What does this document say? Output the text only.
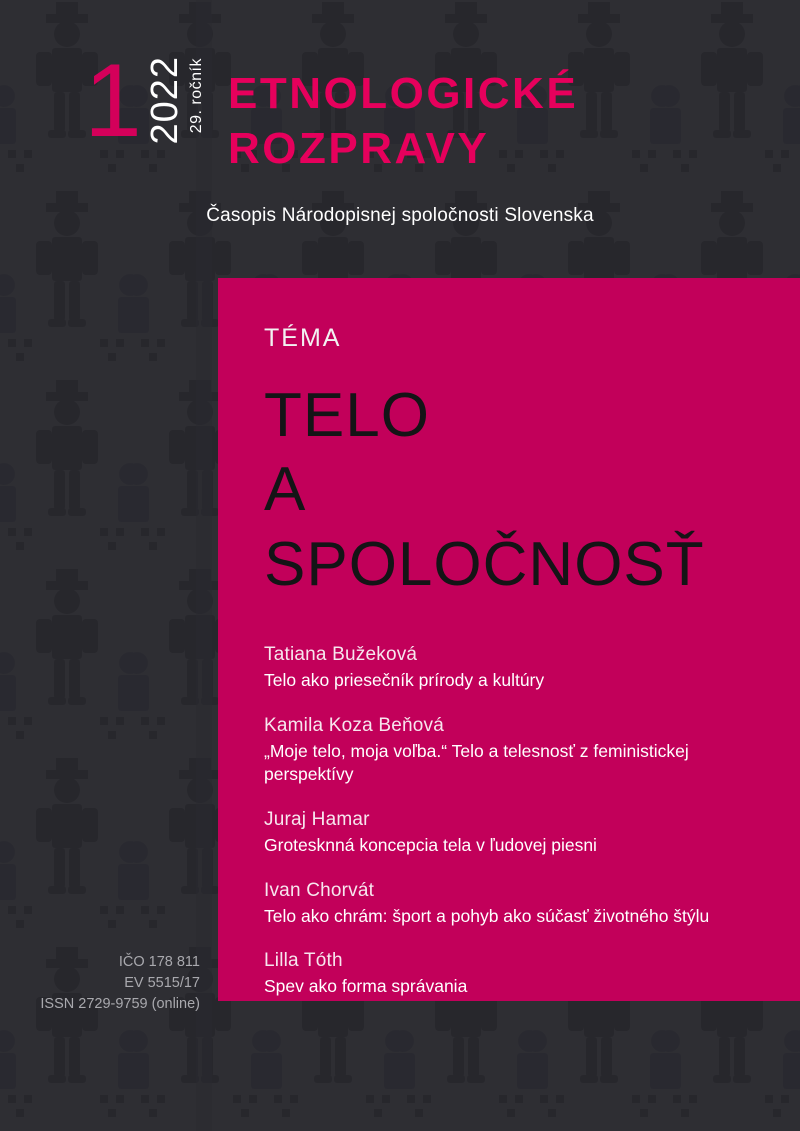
1 2022 29. ročník ETNOLOGICKÉ
ROZPRAVY
Časopis Národopisnej spoločnosti Slovenska
TÉMA
TELO
A
SPOLOČNOSŤ
Tatiana Bužeková
Telo ako priesečník prírody a kultúry
Kamila Koza Beňová
„Moje telo, moja voľba.“ Telo a telesnosť z feministickej perspektívy
Juraj Hamar
Grotesknná koncepcia tela v ľudovej piesni
Ivan Chorvát
Telo ako chrám: šport a pohyb ako súčasť životného štýlu
Lilla Tóth
Spev ako forma správania
IČO 178 811
EV 5515/17
ISSN 2729-9759 (online)
